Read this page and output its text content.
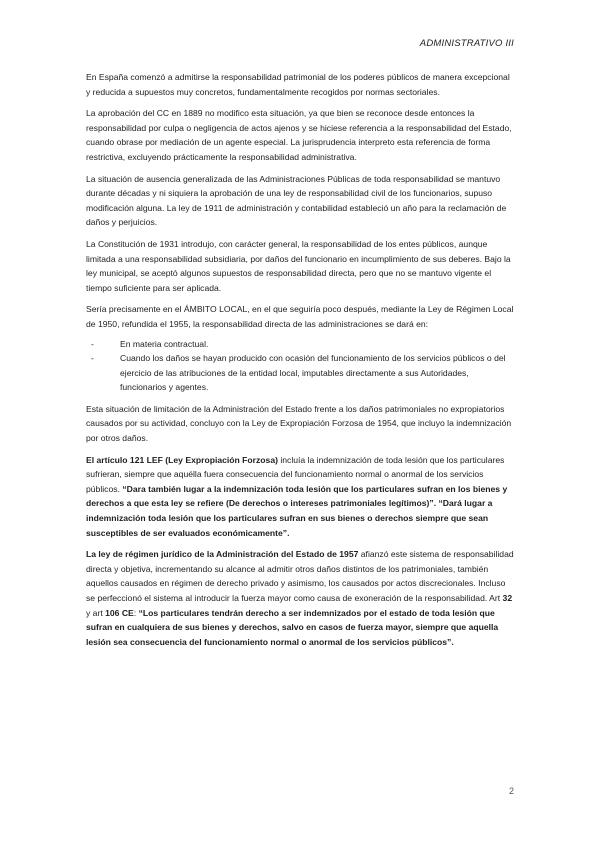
ADMINISTRATIVO III

En España comenzó a admitirse la responsabilidad patrimonial de los poderes públicos de manera excepcional y reducida a supuestos muy concretos, fundamentalmente recogidos por normas sectoriales.

La aprobación del CC en 1889 no modifico esta situación, ya que bien se reconoce desde entonces la responsabilidad por culpa o negligencia de actos ajenos y se hiciese referencia a la responsabilidad del Estado, cuando obrase por mediación de un agente especial. La jurisprudencia interpreto esta referencia de forma restrictiva, excluyendo prácticamente la responsabilidad administrativa.

La situación de ausencia generalizada de las Administraciones Públicas de toda responsabilidad se mantuvo durante décadas y ni siquiera la aprobación de una ley de responsabilidad civil de los funcionarios, supuso modificación alguna. La ley de 1911 de administración y contabilidad estableció un año para la reclamación de daños y perjuicios.

La Constitución de 1931 introdujo, con carácter general, la responsabilidad de los entes públicos, aunque limitada a una responsabilidad subsidiaria, por daños del funcionario en incumplimiento de sus deberes. Bajo la ley municipal, se aceptó algunos supuestos de responsabilidad directa, pero que no se mantuvo vigente el tiempo suficiente para ser aplicada.

Sería precisamente en el ÁMBITO LOCAL, en el que seguiría poco después, mediante la Ley de Régimen Local de 1950, refundida el 1955, la responsabilidad directa de las administraciones se dará en:

-	En materia contractual.
-	Cuando los daños se hayan producido con ocasión del funcionamiento de los servicios públicos o del ejercicio de las atribuciones de la entidad local, imputables directamente a sus Autoridades, funcionarios y agentes.

Esta situación de limitación de la Administración del Estado frente a los daños patrimoniales no expropiatorios causados por su actividad, concluyo con la Ley de Expropiación Forzosa de 1954, que incluyo la indemnización por otros daños.

El artículo 121 LEF (Ley Expropiación Forzosa) incluía la indemnización de toda lesión que los particulares sufrieran, siempre que aquélla fuera consecuencia del funcionamiento normal o anormal de los servicios públicos. “Dara también lugar a la indemnización toda lesión que los particulares sufran en los bienes y derechos a que esta ley se refiere (De derechos o intereses patrimoniales legítimos)”. “Dará lugar a indemnización toda lesión que los particulares sufran en sus bienes o derechos siempre que sean susceptibles de ser evaluados económicamente”.

La ley de régimen jurídico de la Administración del Estado de 1957 afianzó este sistema de responsabilidad directa y objetiva, incrementando su alcance al admitir otros daños distintos de los patrimoniales, también aquellos causados en régimen de derecho privado y asimismo, los causados por actos discrecionales. Incluso se perfeccionó el sistema al introducir la fuerza mayor como causa de exoneración de la responsabilidad. Art 32 y art 106 CE: “Los particulares tendrán derecho a ser indemnizados por el estado de toda lesión que sufran en cualquiera de sus bienes y derechos, salvo en casos de fuerza mayor, siempre que aquella lesión sea consecuencia del funcionamiento normal o anormal de los servicios públicos”.

2
